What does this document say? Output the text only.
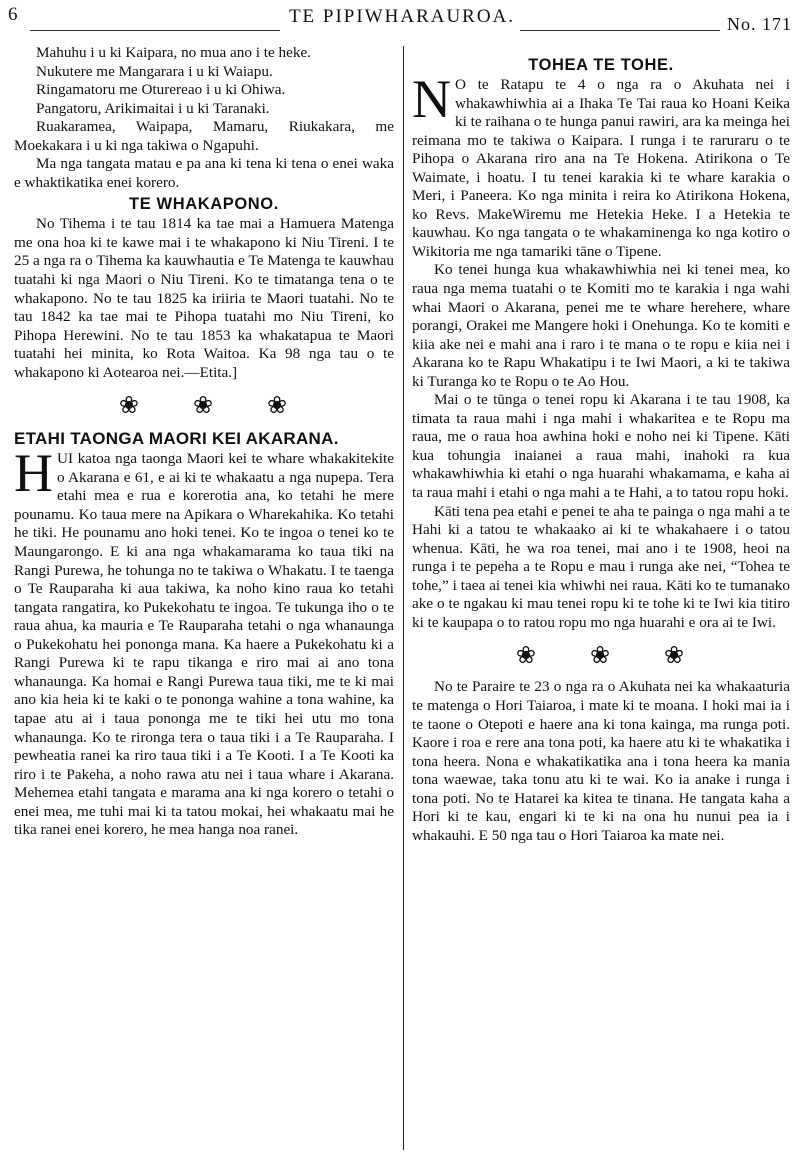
6	TE PIPIWHARAUROA.	No. 171

Mahuhu i u ki Kaipara, no mua ano i te heke.

Nukutere me Mangarara i u ki Waiapu.

Ringamatoru me Oturereao i u ki Ohiwa.

Pangatoru, Arikimaitai i u ki Taranaki.

Ruakaramea, Waipapa, Mamaru, Riukakara, me Moekakara i u ki nga takiwa o Ngapuhi.

Ma nga tangata matau e pa ana ki tena ki tena o enei waka e whaktikatika enei korero.

TE WHAKAPONO.

No Tihema i te tau 1814 ka tae mai a Hamuera Matenga me ona hoa ki te kawe mai i te whakapono ki Niu Tireni. I te 25 a nga ra o Tihema ka kauwhautia e Te Matenga te kauwhau tuatahi ki nga Maori o Niu Tireni. Ko te timatanga tena o te whakapono. No te tau 1825 ka iriiria te Maori tuatahi. No te tau 1842 ka tae mai te Pihopa tuatahi mo Niu Tireni, ko Pihopa Herewini. No te tau 1853 ka whakatapua te Maori tuatahi hei minita, ko Rota Waitoa. Ka 98 nga tau o te whakapono ki Aotearoa nei.—Etita.]

❀ ❀ ❀
ETAHI TAONGA MAORI KEI AKARANA.

HUI katoa nga taonga Maori kei te whare whakakitekite o Akarana e 61, e ai ki te whakaatu a nga nupepa. Tera etahi mea e rua e korerotia ana, ko tetahi he mere pounamu. Ko taua mere na Apikara o Wharekahika. Ko tetahi he tiki. He pounamu ano hoki tenei. Ko te ingoa o tenei ko te Maungarongo. E ki ana nga whakamarama ko taua tiki na Rangi Purewa, he tohunga no te takiwa o Whakatu. I te taenga o Te Rauparaha ki aua takiwa, ka noho kino raua ko tetahi tangata rangatira, ko Pukekohatu te ingoa. Te tukunga iho o te raua ahua, ka mauria e Te Rauparaha tetahi o nga whanaunga o Pukekohatu hei pononga mana. Ka haere a Pukekohatu ki a Rangi Purewa ki te rapu tikanga e riro mai ai ano tona whanaunga. Ka homai e Rangi Purewa taua tiki, me te ki mai ano kia heia ki te kaki o te pononga wahine a tona wahine, ka tapae atu ai i taua pononga me te tiki hei utu mo tona whanaunga. Ko te rironga tera o taua tiki i a Te Rauparaha. I pewheatia ranei ka riro taua tiki i a Te Kooti. I a Te Kooti ka riro i te Pakeha, a noho rawa atu nei i taua whare i Akarana. Mehemea etahi tangata e marama ana ki nga korero o tetahi o enei mea, me tuhi mai ki ta tatou mokai, hei whakaatu mai he tika ranei enei korero, he mea hanga noa ranei.

TOHEA TE TOHE.

N O te Ratapu te 4 o nga ra o Akuhata nei i whakawhiwhia ai a Ihaka Te Tai raua ko Hoani Keika ki te raihana o te hunga panui rawiri, ara ka meinga hei reimana mo te takiwa o Kaipara. I runga i te raruraru o te Pihopa o Akarana riro ana na Te Hokena. Atirikona o Te Waimate, i hoatu. I tu tenei karakia ki te whare karakia o Meri, i Paneera. Ko nga minita i reira ko Atirikona Hokena, ko Revs. MakeWiremu me Hetekia Heke. I a Hetekia te kauwhau. Ko nga tangata o te whakaminenga ko nga kotiro o Wikitoria me nga tamariki tāne o Tipene.

Ko tenei hunga kua whakawhiwhia nei ki tenei mea, ko raua nga mema tuatahi o te Komiti mo te karakia i nga wahi whai Maori o Akarana, penei me te whare herehere, whare porangi, Orakei me Mangere hoki i Onehunga. Ko te komiti e kiia ake nei e mahi ana i raro i te mana o te ropu e kiia nei i Akarana ko te Rapu Whakatipu i te Iwi Maori, a ki te takiwa ki Turanga ko te Ropu o te Ao Hou.

Mai o te tūnga o tenei ropu ki Akarana i te tau 1908, ka timata ta raua mahi i nga mahi i whakaritea e te Ropu ma raua, me o raua hoa awhina hoki e noho nei ki Tipene. Kāti kua tohungia inaianei a raua mahi, inahoki ra kua whakawhiwhia ki etahi o nga huarahi whakamama, e kaha ai ta raua mahi i etahi o nga mahi a te Hahi, a to tatou ropu hoki.

Kāti tena pea etahi e penei te aha te painga o nga mahi a te Hahi ki a tatou te whakaako ai ki te whakahaere i o tatou whenua. Kāti, he wa roa tenei, mai ano i te 1908, heoi na runga i te pepeha a te Ropu e mau i runga ake nei, “Tohea te tohe,” i taea ai tenei kia whiwhi nei raua. Kāti ko te tumanako ake o te ngakau ki mau tenei ropu ki te tohe ki te Iwi kia titiro ki te kaupapa o to ratou ropu mo nga huarahi e ora ai te Iwi.

❀ ❀ ❀

No te Paraire te 23 o nga ra o Akuhata nei ka whakaaturia te matenga o Hori Taiaroa, i mate ki te moana. I hoki mai ia i te taone o Otepoti e haere ana ki tona kainga, ma runga poti. Kaore i roa e rere ana tona poti, ka haere atu ki te whakatika i tona heera. Nona e whakatikatika ana i tona heera ka mania tona waewae, taka tonu atu ki te wai. Ko ia anake i runga i tona poti. No te Hatarei ka kitea te tinana. He tangata kaha a Hori ki te kau, engari ki te ki na ona hu nunui pea ia i whakauhi. E 50 nga tau o Hori Taiaroa ka mate nei.
